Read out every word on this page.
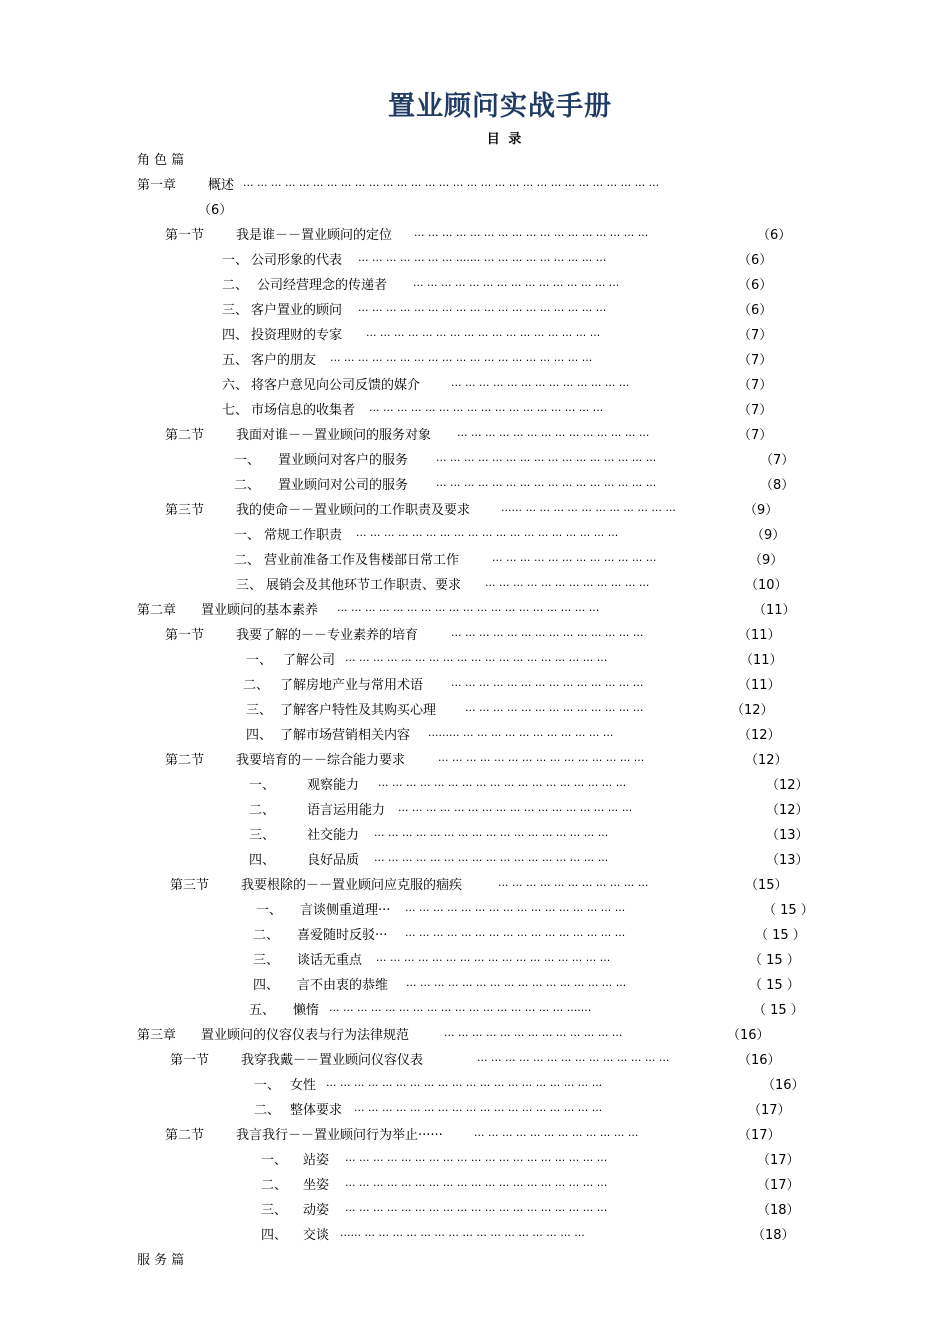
置业顾问实战手册
目 录
角 色 篇
第一章 概述 ··· ··· ··· ··· ··· ··· ··· ··· ··· ··· ··· ··· ··· ··· ··· ··· ··· ··· ··· ··· ··· ··· ··· ··· ··· ··· ··· ··· ··· ···
（6）
第一节 我是谁－－置业顾问的定位 ··· ··· ··· ··· ··· ··· ··· ··· ··· ··· ··· ··· ··· ··· ··· ··· ···	（6）
一、 公司形象的代表 ··· ··· ··· ··· ··· ··· ··· ······· ··· ··· ··· ··· ··· ··· ··· ··· ···	（6）
二、 公司经营理念的传递者 ··· ··· ··· ··· ··· ··· ··· ··· ··· ··· ··· ··· ··· ··· ···	（6）
三、 客户置业的顾问 ··· ··· ··· ··· ··· ··· ··· ··· ··· ··· ··· ··· ··· ··· ··· ··· ··· ···	（6）
四、 投资理财的专家 ··· ··· ··· ··· ··· ··· ··· ··· ··· ··· ··· ··· ··· ··· ··· ··· ···	（7）
五、 客户的朋友 ··· ··· ··· ··· ··· ··· ··· ··· ··· ··· ··· ··· ··· ··· ··· ··· ··· ··· ···	（7）
六、 将客户意见向公司反馈的媒介	··· ··· ··· ··· ··· ··· ··· ··· ··· ··· ··· ··· ···	（7）
七、 市场信息的收集者 ··· ··· ··· ··· ··· ··· ··· ··· ··· ··· ··· ··· ··· ··· ··· ··· ···	（7）
第二节 我面对谁－－置业顾问的服务对象 ··· ··· ··· ··· ··· ··· ··· ··· ··· ··· ··· ··· ··· ···	（7）
一、 置业顾问对客户的服务	··· ··· ··· ··· ··· ··· ··· ··· ··· ··· ··· ··· ··· ··· ··· ···	（7）
二、 置业顾问对公司的服务	··· ··· ··· ··· ··· ··· ··· ··· ··· ··· ··· ··· ··· ··· ··· ···	（8）
第三节 我的使命－－置业顾问的工作职责及要求	······ ··· ··· ··· ··· ··· ··· ··· ··· ··· ··· ···	（9）
一、 常规工作职责 ··· ··· ··· ··· ··· ··· ··· ··· ··· ··· ··· ··· ··· ··· ··· ··· ··· ··· ···	（9）
二、 营业前准备工作及售楼部日常工作	··· ··· ··· ··· ··· ··· ··· ··· ··· ··· ··· ···	（9）
三、 展销会及其他环节工作职责、要求 ··· ··· ··· ··· ··· ··· ··· ··· ··· ··· ··· ···	（10）
第二章 置业顾问的基本素养 ··· ··· ··· ··· ··· ··· ··· ··· ··· ··· ··· ··· ··· ··· ··· ··· ··· ··· ···	（11）
第一节 我要了解的－－专业素养的培育	··· ··· ··· ··· ··· ··· ··· ··· ··· ··· ··· ··· ··· ···	（11）
一、 了解公司 ··· ··· ··· ··· ··· ··· ··· ··· ··· ··· ··· ··· ··· ··· ··· ··· ··· ··· ···	（11）
二、 了解房地产业与常用术语	··· ··· ··· ··· ··· ··· ··· ··· ··· ··· ··· ··· ··· ···	（11）
三、 了解客户特性及其购买心理	··· ··· ··· ··· ··· ··· ··· ··· ··· ··· ··· ··· ···	（12）
四、 了解市场营销相关内容 ········· ··· ··· ··· ··· ··· ··· ··· ··· ··· ··· ···	（12）
第二节 我要培育的－－综合能力要求	··· ··· ··· ··· ··· ··· ··· ··· ··· ··· ··· ··· ··· ··· ···	（12）
一、 观察能力 ··· ··· ··· ··· ··· ··· ··· ··· ··· ··· ··· ··· ··· ··· ··· ··· ··· ···	（12）
二、 语言运用能力 ··· ··· ··· ··· ··· ··· ··· ··· ··· ··· ··· ··· ··· ··· ··· ··· ···	（12）
三、 社交能力 ··· ··· ··· ··· ··· ··· ··· ··· ··· ··· ··· ··· ··· ··· ··· ··· ···	（13）
四、 良好品质 ··· ··· ··· ··· ··· ··· ··· ··· ··· ··· ··· ··· ··· ··· ··· ··· ···	（13）
第三节 我要根除的－－置业顾问应克服的痼疾	··· ··· ··· ··· ··· ··· ··· ··· ··· ··· ···	（15）
一、 言谈侧重道理··· ··· ··· ··· ··· ··· ··· ··· ··· ··· ··· ··· ··· ··· ··· ··· ···	（ 15 ）
二、 喜爱随时反驳··· ··· ··· ··· ··· ··· ··· ··· ··· ··· ··· ··· ··· ··· ··· ··· ···	（ 15 ）
三、 谈话无重点 ··· ··· ··· ··· ··· ··· ··· ··· ··· ··· ··· ··· ··· ··· ··· ··· ···	（ 15 ）
四、 言不由衷的恭维 ··· ··· ··· ··· ··· ··· ··· ··· ··· ··· ··· ··· ··· ··· ··· ···	（ 15 ）
五、 懒惰 ··· ··· ··· ··· ··· ··· ··· ··· ··· ··· ··· ··· ··· ··· ··· ··· ··· ·······	（ 15 ）
第三章 置业顾问的仪容仪表与行为法律规范	··· ··· ··· ··· ··· ··· ··· ··· ··· ··· ··· ··· ···	（16）
第一节 我穿我戴－－置业顾问仪容仪表	··· ··· ··· ··· ··· ··· ··· ··· ··· ··· ··· ··· ··· ···	（16）
一、 女性 ··· ··· ··· ··· ··· ··· ··· ··· ··· ··· ··· ··· ··· ··· ··· ··· ··· ··· ··· ···	（16）
二、 整体要求 ··· ··· ··· ··· ··· ··· ··· ··· ··· ··· ··· ··· ··· ··· ··· ··· ··· ···	（17）
第二节 我言我行－－置业顾问行为举止······	··· ··· ··· ··· ··· ··· ··· ··· ··· ··· ··· ···	（17）
一、 站姿 ··· ··· ··· ··· ··· ··· ··· ··· ··· ··· ··· ··· ··· ··· ··· ··· ··· ··· ···	（17）
二、 坐姿 ··· ··· ··· ··· ··· ··· ··· ··· ··· ··· ··· ··· ··· ··· ··· ··· ··· ··· ···	（17）
三、 动姿 ··· ··· ··· ··· ··· ··· ··· ··· ··· ··· ··· ··· ··· ··· ··· ··· ··· ··· ···	（18）
四、 交谈 ······ ··· ··· ··· ··· ··· ··· ··· ··· ··· ··· ··· ··· ··· ··· ··· ···	（18）
服 务 篇
